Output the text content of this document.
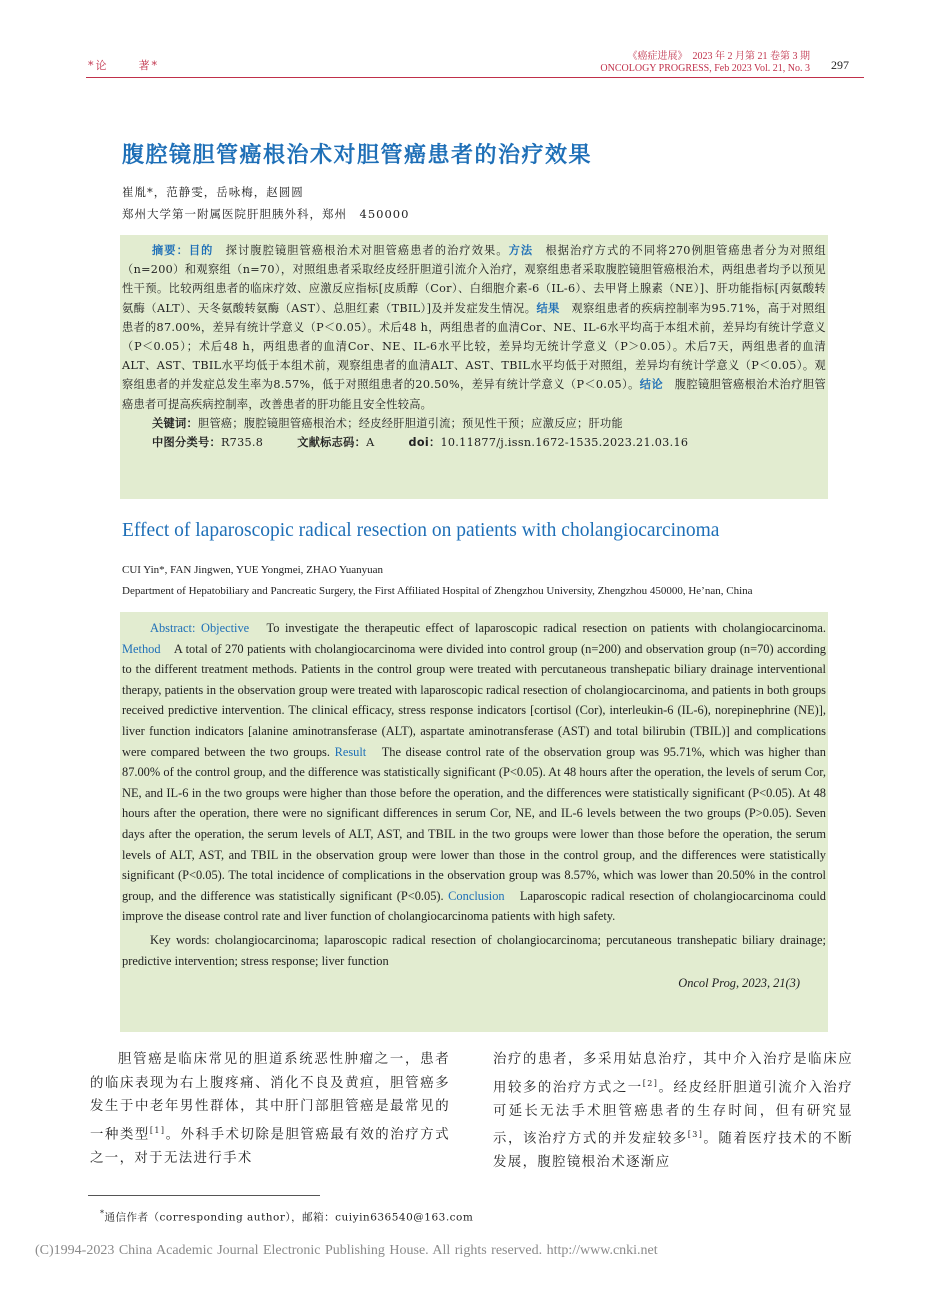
*论	著*
《癌症进展》　2023 年 2 月第 21 卷第 3 期
ONCOLOGY PROGRESS, Feb 2023 Vol. 21, No. 3 297
腹腔镜胆管癌根治术对胆管癌患者的治疗效果
崔胤*，范静雯，岳咏梅，赵圆圆
郑州大学第一附属医院肝胆胰外科，郑州　450000
摘要：目的　探讨腹腔镜胆管癌根治术对胆管癌患者的治疗效果。方法　根据治疗方式的不同将270例胆管癌患者分为对照组（n=200）和观察组（n=70），对照组患者采取经皮经肝胆道引流介入治疗，观察组患者采取腹腔镜胆管癌根治术，两组患者均予以预见性干预。比较两组患者的临床疗效、应激反应指标[皮质醇（Cor）、白细胞介素-6（IL-6）、去甲肾上腺素（NE）]、肝功能指标[丙氨酸转氨酶（ALT）、天冬氨酸转氨酶（AST）、总胆红素（TBIL）]及并发症发生情况。结果　观察组患者的疾病控制率为95.71%，高于对照组患者的87.00%，差异有统计学意义（P＜0.05）。术后48 h，两组患者的血清Cor、NE、IL-6水平均高于本组术前，差异均有统计学意义（P＜0.05）；术后48 h，两组患者的血清Cor、NE、IL-6水平比较，差异均无统计学意义（P＞0.05）。术后7天，两组患者的血清ALT、AST、TBIL水平均低于本组术前，观察组患者的血清ALT、AST、TBIL水平均低于对照组，差异均有统计学意义（P＜0.05）。观察组患者的并发症总发生率为8.57%，低于对照组患者的20.50%，差异有统计学意义（P＜0.05）。结论　腹腔镜胆管癌根治术治疗胆管癌患者可提高疾病控制率，改善患者的肝功能且安全性较高。
关键词：胆管癌；腹腔镜胆管癌根治术；经皮经肝胆道引流；预见性干预；应激反应；肝功能
中图分类号：R735.8	文献标志码：A	doi：10.11877/j.issn.1672-1535.2023.21.03.16
Effect of laparoscopic radical resection on patients with cholangiocarcinoma
CUI Yin*, FAN Jingwen, YUE Yongmei, ZHAO Yuanyuan
Department of Hepatobiliary and Pancreatic Surgery, the First Affiliated Hospital of Zhengzhou University, Zhengzhou 450000, He’nan, China
Abstract: Objective　To investigate the therapeutic effect of laparoscopic radical resection on patients with cholangiocarcinoma. Method　A total of 270 patients with cholangiocarcinoma were divided into control group (n=200) and observation group (n=70) according to the different treatment methods. Patients in the control group were treated with percutaneous transhepatic biliary drainage interventional therapy, patients in the observation group were treated with laparoscopic radical resection of cholangiocarcinoma, and patients in both groups received predictive intervention. The clinical efficacy, stress response indicators [cortisol (Cor), interleukin-6 (IL-6), norepinephrine (NE)], liver function indicators [alanine aminotransferase (ALT), aspartate aminotransferase (AST) and total bilirubin (TBIL)] and complications were compared between the two groups. Result　The disease control rate of the observation group was 95.71%, which was higher than 87.00% of the control group, and the difference was statistically significant (P<0.05). At 48 hours after the operation, the levels of serum Cor, NE, and IL-6 in the two groups were higher than those before the operation, and the differences were statistically significant (P<0.05). At 48 hours after the operation, there were no significant differences in serum Cor, NE, and IL-6 levels between the two groups (P>0.05). Seven days after the operation, the serum levels of ALT, AST, and TBIL in the two groups were lower than those before the operation, the serum levels of ALT, AST, and TBIL in the observation group were lower than those in the control group, and the differences were statistically significant (P<0.05). The total incidence of complications in the observation group was 8.57%, which was lower than 20.50% in the control group, and the difference was statistically significant (P<0.05). Conclusion　Laparoscopic radical resection of cholangiocarcinoma could improve the disease control rate and liver function of cholangiocarcinoma patients with high safety.
Key words: cholangiocarcinoma; laparoscopic radical resection of cholangiocarcinoma; percutaneous transhepatic biliary drainage; predictive intervention; stress response; liver function
Oncol Prog, 2023, 21(3)
胆管癌是临床常见的胆道系统恶性肿瘤之一，患者的临床表现为右上腹疼痛、消化不良及黄疸，胆管癌多发生于中老年男性群体，其中肝门部胆管癌是最常见的一种类型[1]。外科手术切除是胆管癌最有效的治疗方式之一，对于无法进行手术
治疗的患者，多采用姑息治疗，其中介入治疗是临床应用较多的治疗方式之一[2]。经皮经肝胆道引流介入治疗可延长无法手术胆管癌患者的生存时间，但有研究显示，该治疗方式的并发症较多[3]。随着医疗技术的不断发展，腹腔镜根治术逐渐应
*通信作者（corresponding author），邮箱：cuiyin636540@163.com
(C)1994-2023 China Academic Journal Electronic Publishing House. All rights reserved. http://www.cnki.net
